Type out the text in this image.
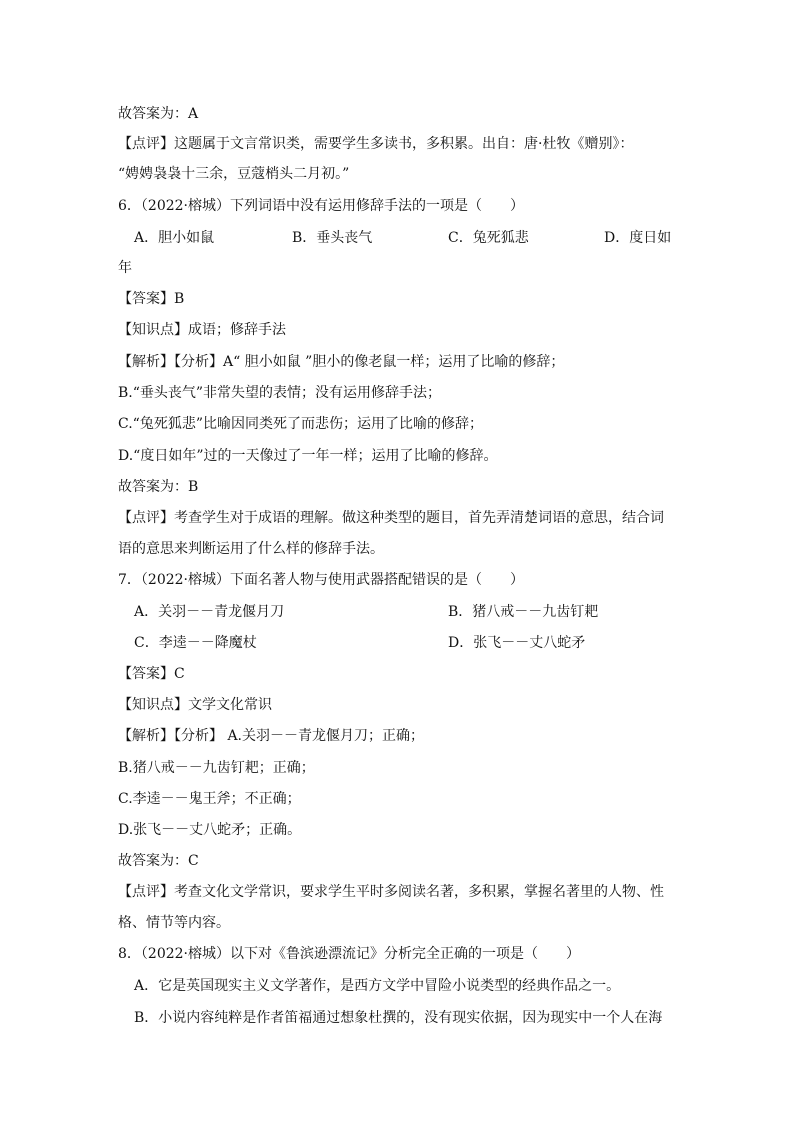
故答案为：A
【点评】这题属于文言常识类，需要学生多读书，多积累。出自：唐·杜牧《赠别》：
“娉娉袅袅十三余，豆蔻梢头二月初。”
6．（2022·榕城）下列词语中没有运用修辞手法的一项是（　　）
A．胆小如鼠	B．垂头丧气	C．兔死狐悲	D．度日如
年
【答案】B
【知识点】成语；修辞手法
【解析】【分析】A“ 胆小如鼠 ”胆小的像老鼠一样；运用了比喻的修辞；
B.“垂头丧气”非常失望的表情；没有运用修辞手法；
C.“兔死狐悲”比喻因同类死了而悲伤；运用了比喻的修辞；
D.“度日如年”过的一天像过了一年一样；运用了比喻的修辞。
故答案为：B
【点评】考查学生对于成语的理解。做这种类型的题目，首先弄清楚词语的意思，结合词
语的意思来判断运用了什么样的修辞手法。
7．（2022·榕城）下面名著人物与使用武器搭配错误的是（　　）
A．关羽－－青龙偃月刀	B．猪八戒－－九齿钉耙
C．李逵－－降魔杖	D．张飞－－丈八蛇矛
【答案】C
【知识点】文学文化常识
【解析】【分析】 A.关羽－－青龙偃月刀；正确；
B.猪八戒－－九齿钉耙；正确；
C.李逵－－鬼王斧；不正确；
D.张飞－－丈八蛇矛；正确。
故答案为：C
【点评】考查文化文学常识，要求学生平时多阅读名著，多积累，掌握名著里的人物、性
格、情节等内容。
8．（2022·榕城）以下对《鲁滨逊漂流记》分析完全正确的一项是（　　）
A．它是英国现实主义文学著作，是西方文学中冒险小说类型的经典作品之一。
B．小说内容纯粹是作者笛福通过想象杜撰的，没有现实依据，因为现实中一个人在海
